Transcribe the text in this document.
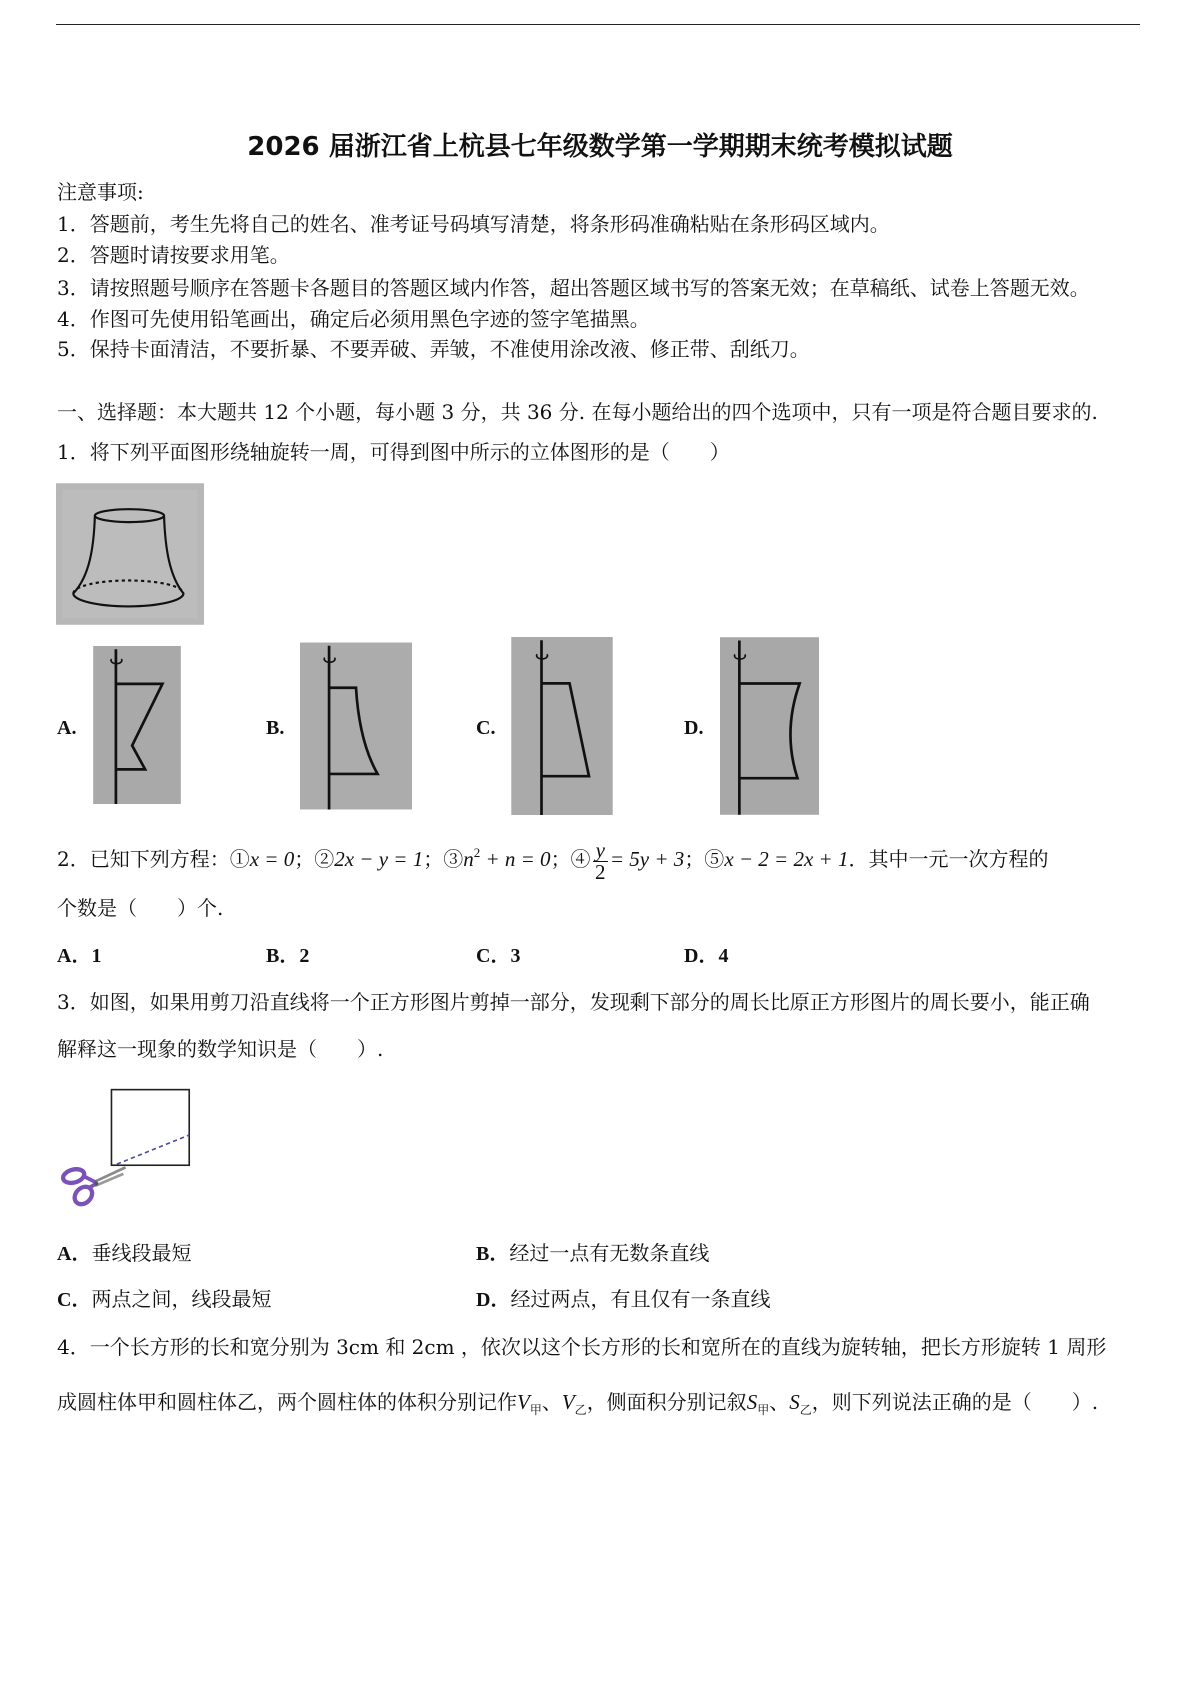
2026 届浙江省上杭县七年级数学第一学期期末统考模拟试题
注意事项:
1．答题前，考生先将自己的姓名、准考证号码填写清楚，将条形码准确粘贴在条形码区域内。
2．答题时请按要求用笔。
3．请按照题号顺序在答题卡各题目的答题区域内作答，超出答题区域书写的答案无效；在草稿纸、试卷上答题无效。
4．作图可先使用铅笔画出，确定后必须用黑色字迹的签字笔描黑。
5．保持卡面清洁，不要折暴、不要弄破、弄皱，不准使用涂改液、修正带、刮纸刀。
一、选择题：本大题共 12 个小题，每小题 3 分，共 36 分. 在每小题给出的四个选项中，只有一项是符合题目要求的.
1．将下列平面图形绕轴旋转一周，可得到图中所示的立体图形的是（　　）
A.	B.	C.	D.
2．已知下列方程：①x = 0；②2x − y = 1；$③n^2 + n = 0$；④ $\frac{y}{2} = 5y + 3$；⑤x − 2 = 2x + 1．其中一元一次方程的
个数是（　　）个.
A．1	B．2	C．3	D．4
3．如图，如果用剪刀沿直线将一个正方形图片剪掉一部分，发现剩下部分的周长比原正方形图片的周长要小，能正确
解释这一现象的数学知识是（　　）.
A．垂线段最短	B．经过一点有无数条直线
C．两点之间，线段最短	D．经过两点，有且仅有一条直线
4．一个长方形的长和宽分别为 3cm 和 2cm ，依次以这个长方形的长和宽所在的直线为旋转轴，把长方形旋转 1 周形
成圆柱体甲和圆柱体乙，两个圆柱体的体积分别记作$V_甲$、$V_乙$，侧面积分别记叙$S_甲$、$S_乙$，则下列说法正确的是（　　）.
